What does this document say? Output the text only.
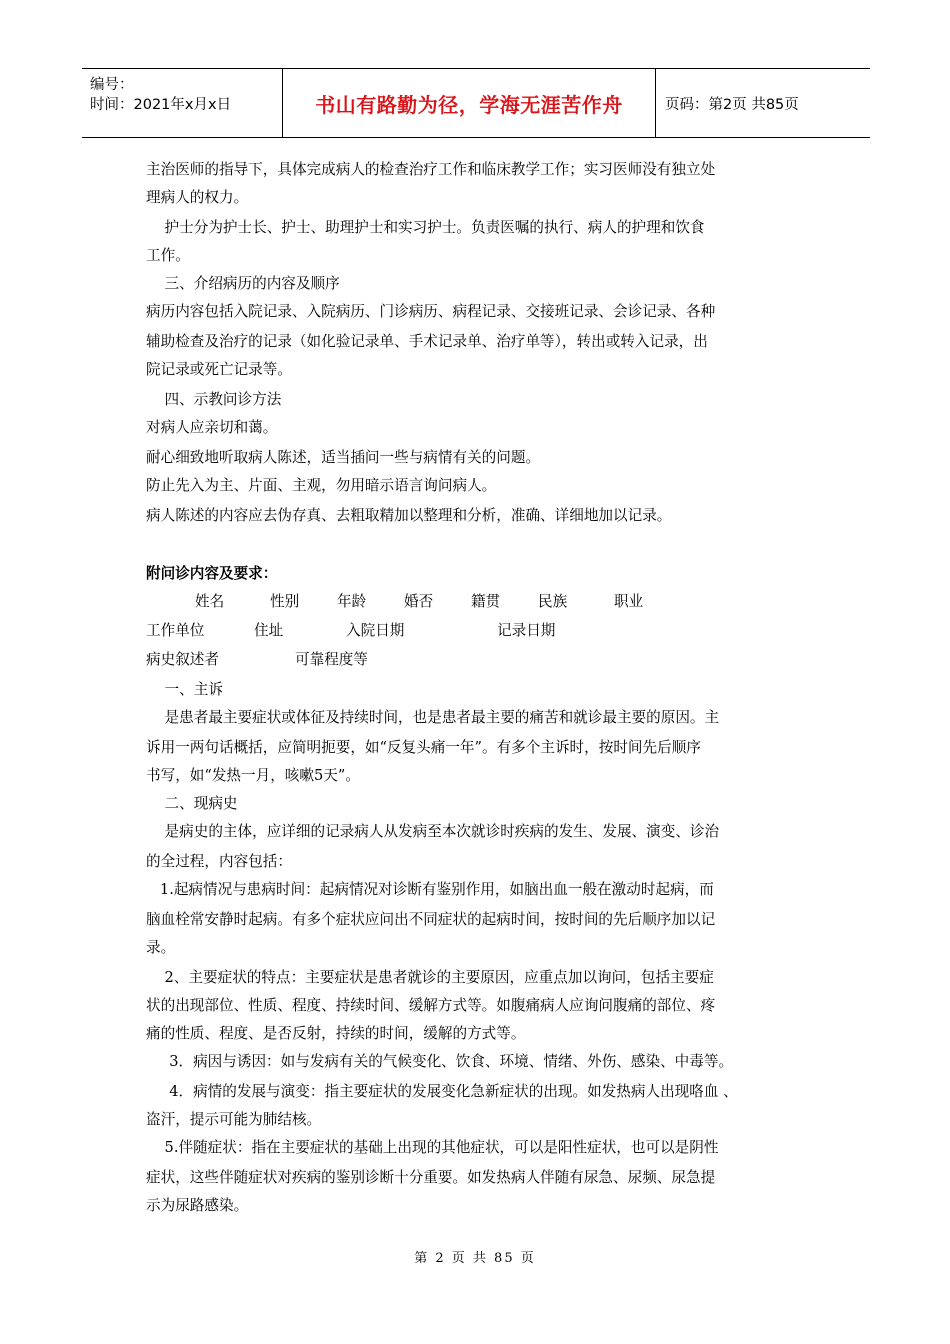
编号：
时间：2021年x月x日	书山有路勤为径，学海无涯苦作舟	页码：第2页 共85页
主治医师的指导下，具体完成病人的检查治疗工作和临床教学工作；实习医师没有独立处
理病人的权力。
护士分为护士长、护士、助理护士和实习护士。负责医嘱的执行、病人的护理和饮食
工作。
三、介绍病历的内容及顺序
病历内容包括入院记录、入院病历、门诊病历、病程记录、交接班记录、会诊记录、各种
辅助检查及治疗的记录（如化验记录单、手术记录单、治疗单等），转出或转入记录，出
院记录或死亡记录等。
四、示教问诊方法
对病人应亲切和蔼。
耐心细致地听取病人陈述，适当插问一些与病情有关的问题。
防止先入为主、片面、主观，勿用暗示语言询问病人。
病人陈述的内容应去伪存真、去粗取精加以整理和分析，准确、详细地加以记录。
附问诊内容及要求：
姓名	性别	年龄	婚否	籍贯	民族	职业
工作单位	住址	入院日期	记录日期
病史叙述者	可靠程度等
一、主诉
是患者最主要症状或体征及持续时间，也是患者最主要的痛苦和就诊最主要的原因。主
诉用一两句话概括，应简明扼要，如“反复头痛一年”。有多个主诉时，按时间先后顺序
书写，如“发热一月，咳嗽5天”。
二、现病史
是病史的主体，应详细的记录病人从发病至本次就诊时疾病的发生、发展、演变、诊治
的全过程，内容包括：
1.起病情况与患病时间：起病情况对诊断有鉴别作用，如脑出血一般在激动时起病，而
脑血栓常安静时起病。有多个症状应问出不同症状的起病时间，按时间的先后顺序加以记
录。
2、主要症状的特点：主要症状是患者就诊的主要原因，应重点加以询问，包括主要症
状的出现部位、性质、程度、持续时间、缓解方式等。如腹痛病人应询问腹痛的部位、疼
痛的性质、程度、是否反射，持续的时间，缓解的方式等。
3．病因与诱因：如与发病有关的气候变化、饮食、环境、情绪、外伤、感染、中毒等。
4．病情的发展与演变：指主要症状的发展变化急新症状的出现。如发热病人出现咯血 、
盗汗，提示可能为肺结核。
5.伴随症状：指在主要症状的基础上出现的其他症状，可以是阳性症状，也可以是阴性
症状，这些伴随症状对疾病的鉴别诊断十分重要。如发热病人伴随有尿急、尿频、尿急提
示为尿路感染。
第 2 页 共 85 页
